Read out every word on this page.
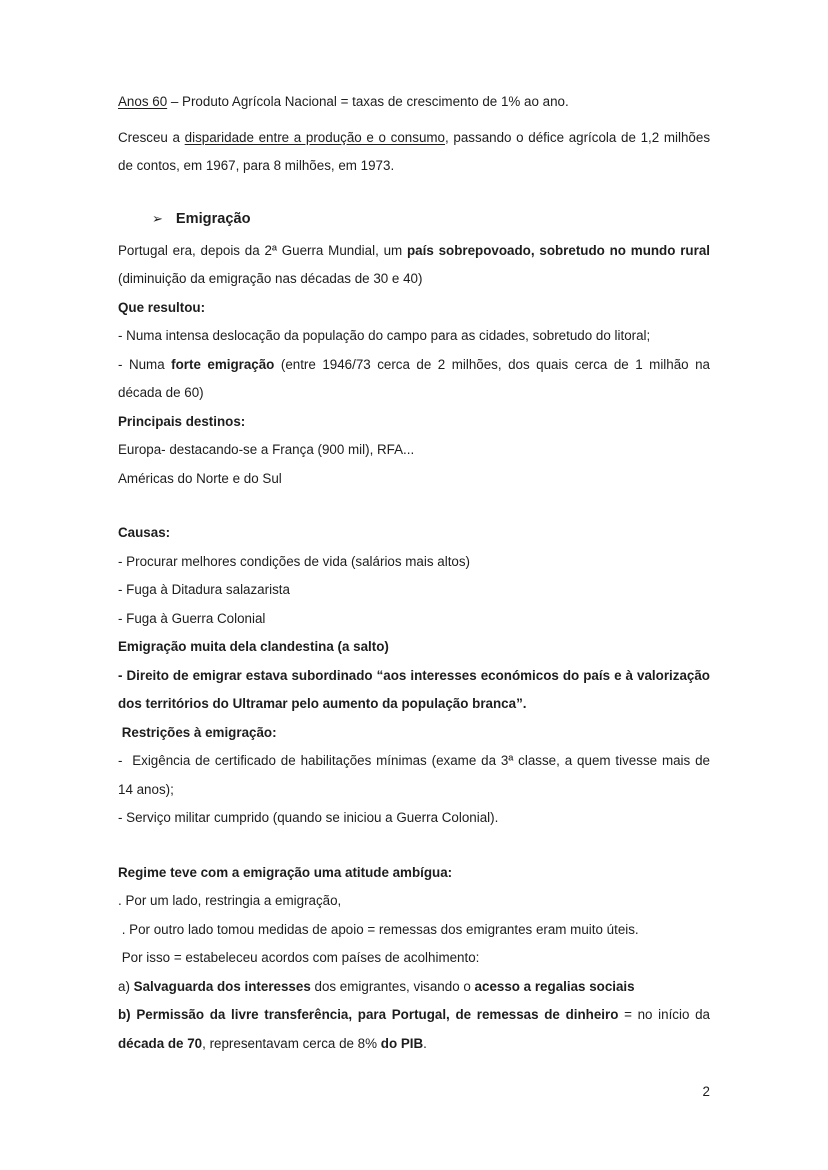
Anos 60 – Produto Agrícola Nacional = taxas de crescimento de 1% ao ano.

Cresceu a disparidade entre a produção e o consumo, passando o défice agrícola de 1,2 milhões de contos, em 1967, para 8 milhões, em 1973.

➢ Emigração

Portugal era, depois da 2ª Guerra Mundial, um país sobrepovoado, sobretudo no mundo rural (diminuição da emigração nas décadas de 30 e 40)

Que resultou:

- Numa intensa deslocação da população do campo para as cidades, sobretudo do litoral;

- Numa forte emigração (entre 1946/73 cerca de 2 milhões, dos quais cerca de 1 milhão na década de 60)

Principais destinos:

Europa- destacando-se a França (900 mil), RFA...

Américas do Norte e do Sul

Causas:

- Procurar melhores condições de vida (salários mais altos)

- Fuga à Ditadura salazarista

- Fuga à Guerra Colonial

Emigração muita dela clandestina (a salto)

- Direito de emigrar estava subordinado “aos interesses económicos do país e à valorização dos territórios do Ultramar pelo aumento da população branca”.

Restrições à emigração:

-  Exigência de certificado de habilitações mínimas (exame da 3ª classe, a quem tivesse mais de 14 anos);

- Serviço militar cumprido (quando se iniciou a Guerra Colonial).

Regime teve com a emigração uma atitude ambígua:

. Por um lado, restringia a emigração,

. Por outro lado tomou medidas de apoio = remessas dos emigrantes eram muito úteis.

Por isso = estabeleceu acordos com países de acolhimento:

a) Salvaguarda dos interesses dos emigrantes, visando o acesso a regalias sociais

b) Permissão da livre transferência, para Portugal, de remessas de dinheiro = no início da década de 70, representavam cerca de 8% do PIB.

2
